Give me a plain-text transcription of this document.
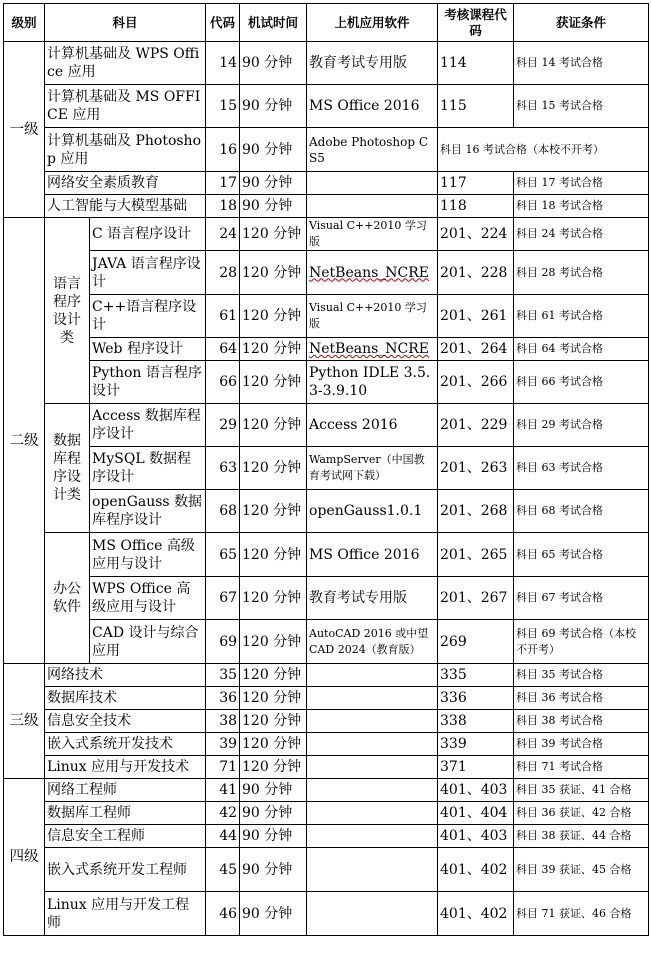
级别	科目		代码	机试时间	上机应用软件	考核课程代码	获证条件
一级	计算机基础及 WPS Office 应用		14	90 分钟	教育考试专用版	114	科目 14 考试合格
	计算机基础及 MS OFFICE 应用		15	90 分钟	MS Office 2016	115	科目 15 考试合格
	计算机基础及 Photoshop 应用		16	90 分钟	Adobe Photoshop CS5	科目 16 考试合格（本校不开考）	
	网络安全素质教育		17	90 分钟		117	科目 17 考试合格
	人工智能与大模型基础		18	90 分钟		118	科目 18 考试合格
二级	语言程序设计类	C 语言程序设计	24	120 分钟	Visual C++2010 学习版	201、224	科目 24 考试合格
		JAVA 语言程序设计	28	120 分钟	NetBeans_NCRE	201、228	科目 28 考试合格
		C++语言程序设计	61	120 分钟	Visual C++2010 学习版	201、261	科目 61 考试合格
		Web 程序设计	64	120 分钟	NetBeans_NCRE	201、264	科目 64 考试合格
		Python 语言程序设计	66	120 分钟	Python IDLE 3.5.3-3.9.10	201、266	科目 66 考试合格
	数据库程序设计类	Access 数据库程序设计	29	120 分钟	Access 2016	201、229	科目 29 考试合格
		MySQL 数据程序设计	63	120 分钟	WampServer（中国教育考试网下载）	201、263	科目 63 考试合格
		openGauss 数据库程序设计	68	120 分钟	openGauss1.0.1	201、268	科目 68 考试合格
	办公软件	MS Office 高级应用与设计	65	120 分钟	MS Office 2016	201、265	科目 65 考试合格
		WPS Office 高级应用与设计	67	120 分钟	教育考试专用版	201、267	科目 67 考试合格
		CAD 设计与综合应用	69	120 分钟	AutoCAD 2016 或中望 CAD 2024（教育版）	269	科目 69 考试合格（本校不开考）
三级	网络技术		35	120 分钟		335	科目 35 考试合格
	数据库技术		36	120 分钟		336	科目 36 考试合格
	信息安全技术		38	120 分钟		338	科目 38 考试合格
	嵌入式系统开发技术		39	120 分钟		339	科目 39 考试合格
	Linux 应用与开发技术		71	120 分钟		371	科目 71 考试合格
四级	网络工程师		41	90 分钟		401、403	科目 35 获证、41 合格
	数据库工程师		42	90 分钟		401、404	科目 36 获证、42 合格
	信息安全工程师		44	90 分钟		401、403	科目 38 获证、44 合格
	嵌入式系统开发工程师		45	90 分钟		401、402	科目 39 获证、45 合格
	Linux 应用与开发工程师		46	90 分钟		401、402	科目 71 获证、46 合格
